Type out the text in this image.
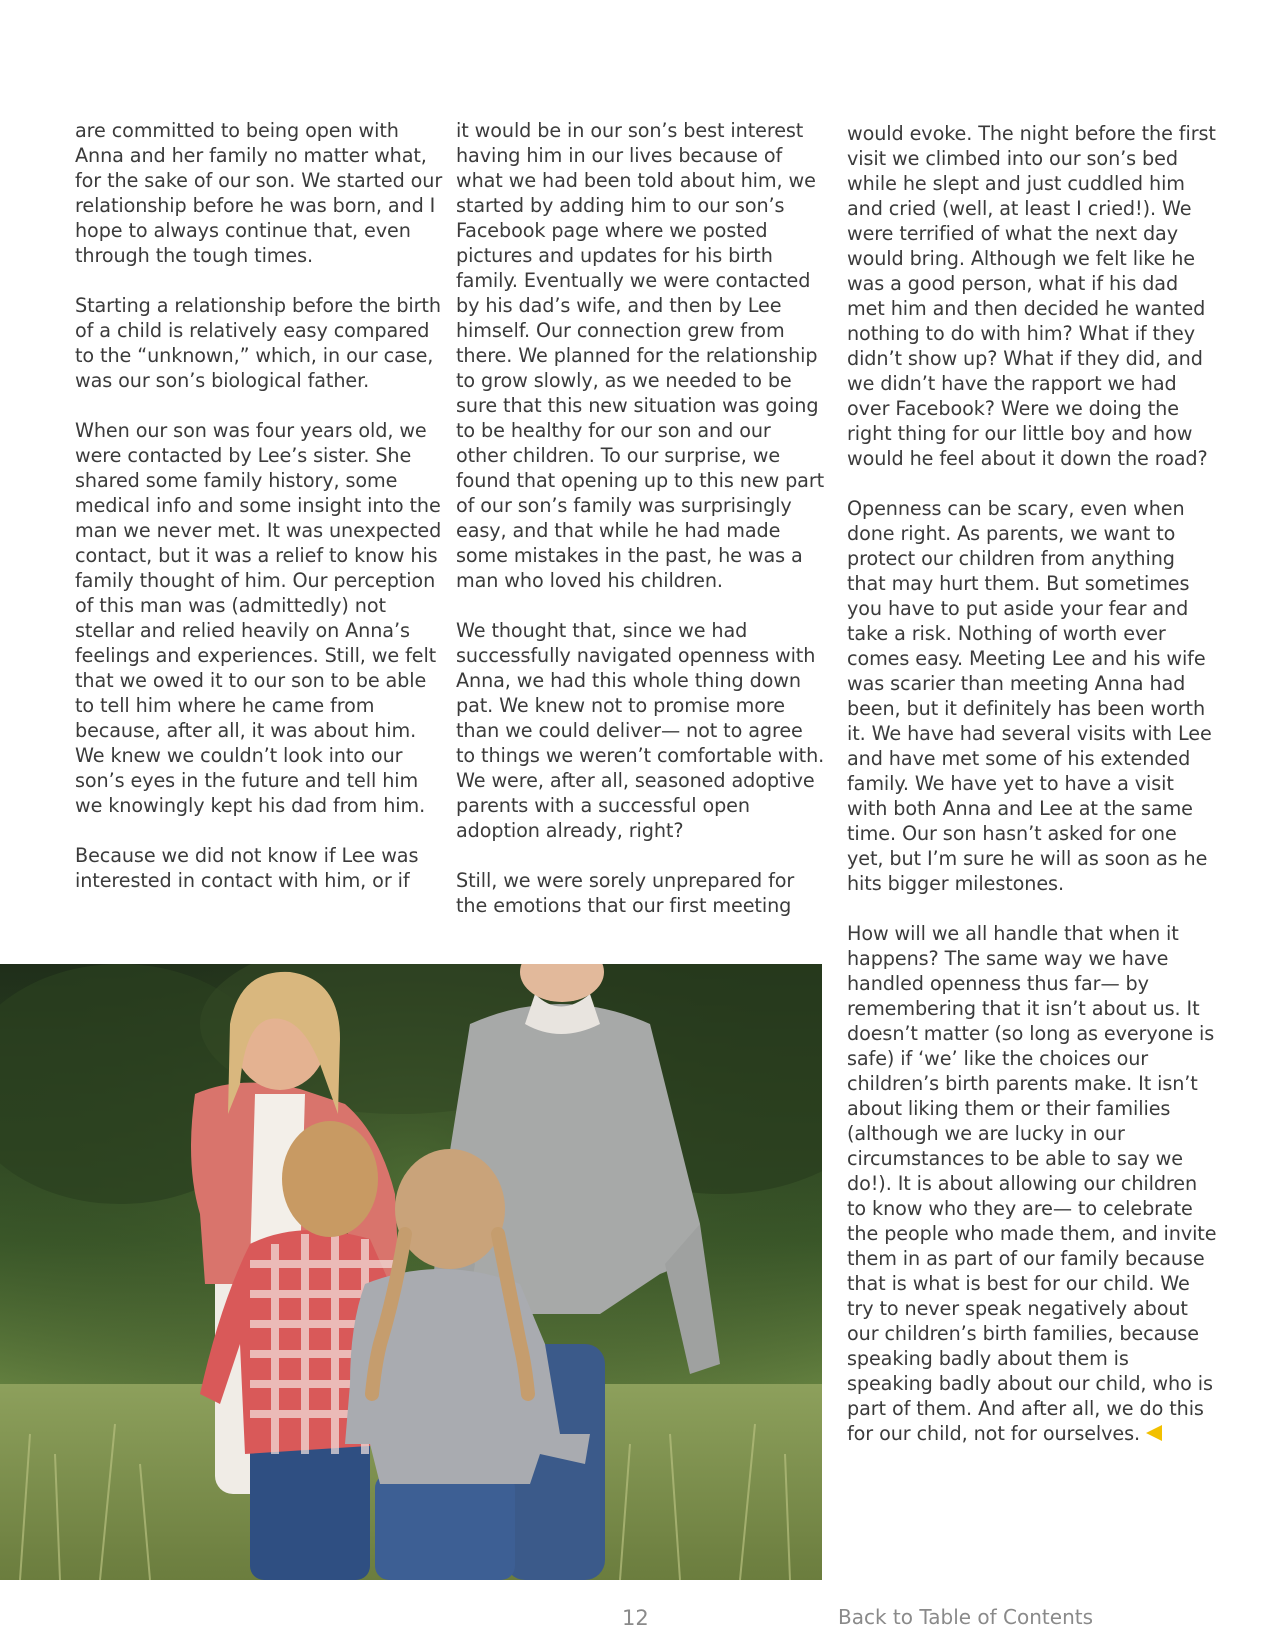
are committed to being open with Anna and her family no matter what, for the sake of our son. We started our relationship before he was born, and I hope to always continue that, even through the tough times.

Starting a relationship before the birth of a child is relatively easy compared to the “unknown,” which, in our case, was our son’s biological father.

When our son was four years old, we were contacted by Lee’s sister. She shared some family history, some medical info and some insight into the man we never met. It was unexpected contact, but it was a relief to know his family thought of him. Our perception of this man was (admittedly) not stellar and relied heavily on Anna’s feelings and experiences. Still, we felt that we owed it to our son to be able to tell him where he came from because, after all, it was about him. We knew we couldn’t look into our son’s eyes in the future and tell him we knowingly kept his dad from him.

Because we did not know if Lee was interested in contact with him, or if

it would be in our son’s best interest having him in our lives because of what we had been told about him, we started by adding him to our son’s Facebook page where we posted pictures and updates for his birth family. Eventually we were contacted by his dad’s wife, and then by Lee himself. Our connection grew from there. We planned for the relationship to grow slowly, as we needed to be sure that this new situation was going to be healthy for our son and our other children. To our surprise, we found that opening up to this new part of our son’s family was surprisingly easy, and that while he had made some mistakes in the past, he was a man who loved his children.

We thought that, since we had successfully navigated openness with Anna, we had this whole thing down pat. We knew not to promise more than we could deliver— not to agree to things we weren’t comfortable with. We were, after all, seasoned adoptive parents with a successful open adoption already, right?

Still, we were sorely unprepared for the emotions that our first meeting

would evoke. The night before the first visit we climbed into our son’s bed while he slept and just cuddled him and cried (well, at least I cried!). We were terrified of what the next day would bring. Although we felt like he was a good person, what if his dad met him and then decided he wanted nothing to do with him? What if they didn’t show up? What if they did, and we didn’t have the rapport we had over Facebook? Were we doing the right thing for our little boy and how would he feel about it down the road?

Openness can be scary, even when done right. As parents, we want to protect our children from anything that may hurt them. But sometimes you have to put aside your fear and take a risk. Nothing of worth ever comes easy. Meeting Lee and his wife was scarier than meeting Anna had been, but it definitely has been worth it. We have had several visits with Lee and have met some of his extended family. We have yet to have a visit with both Anna and Lee at the same time. Our son hasn’t asked for one yet, but I’m sure he will as soon as he hits bigger milestones.

How will we all handle that when it happens? The same way we have handled openness thus far— by remembering that it isn’t about us. It doesn’t matter (so long as everyone is safe) if ‘we’ like the choices our children’s birth parents make. It isn’t about liking them or their families (although we are lucky in our circumstances to be able to say we do!). It is about allowing our children to know who they are— to celebrate the people who made them, and invite them in as part of our family because that is what is best for our child. We try to never speak negatively about our children’s birth families, because speaking badly about them is speaking badly about our child, who is part of them. And after all, we do this for our child, not for ourselves.

12	Back to Table of Contents
